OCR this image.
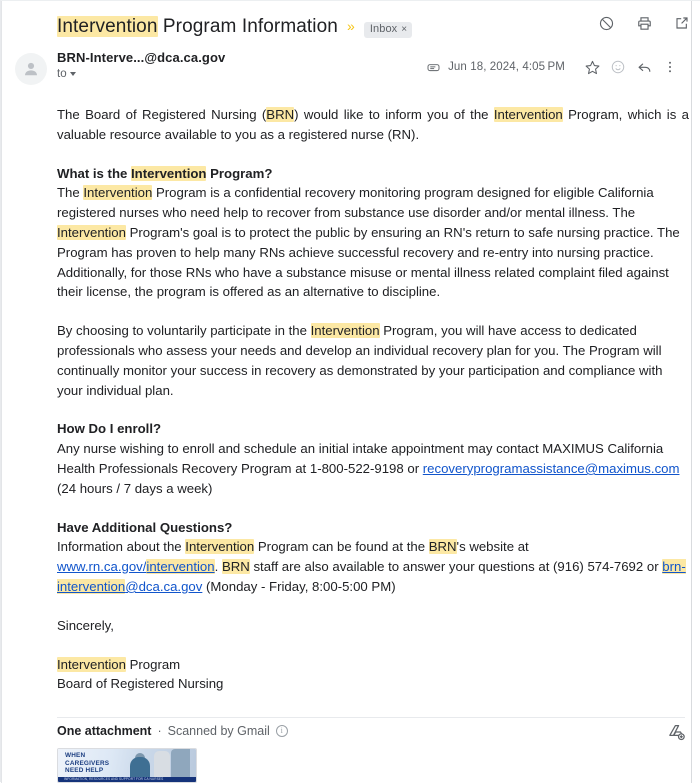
Intervention Program Information » Inbox ×
BRN-Interve...@dca.ca.gov
to
Jun 18, 2024, 4:05 PM

The Board of Registered Nursing (BRN) would like to inform you of the Intervention Program, which is a valuable resource available to you as a registered nurse (RN).

What is the Intervention Program?

The Intervention Program is a confidential recovery monitoring program designed for eligible California registered nurses who need help to recover from substance use disorder and/or mental illness. The Intervention Program's goal is to protect the public by ensuring an RN's return to safe nursing practice. The Program has proven to help many RNs achieve successful recovery and re-entry into nursing practice. Additionally, for those RNs who have a substance misuse or mental illness related complaint filed against their license, the program is offered as an alternative to discipline.

By choosing to voluntarily participate in the Intervention Program, you will have access to dedicated professionals who assess your needs and develop an individual recovery plan for you. The Program will continually monitor your success in recovery as demonstrated by your participation and compliance with your individual plan.

How Do I enroll?

Any nurse wishing to enroll and schedule an initial intake appointment may contact MAXIMUS California Health Professionals Recovery Program at 1-800-522-9198 or recoveryprogramassistance@maximus.com (24 hours / 7 days a week)

Have Additional Questions?

Information about the Intervention Program can be found at the BRN's website at www.rn.ca.gov/intervention. BRN staff are also available to answer your questions at (916) 574-7692 or brn-intervention@dca.ca.gov (Monday - Friday, 8:00-5:00 PM)

Sincerely,

Intervention Program

Board of Registered Nursing

One attachment · Scanned by Gmail	i
WHEN
CAREGIVERS
NEED HELP
INFORMATION, RESOURCES AND SUPPORT FOR CA NURSES
